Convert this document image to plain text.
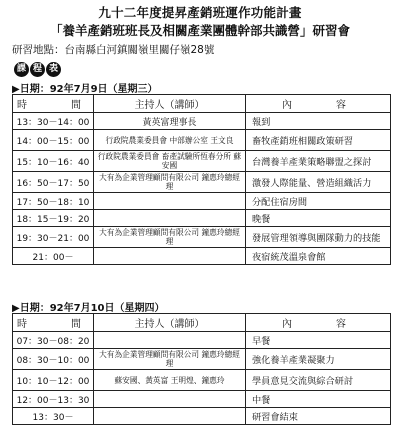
九十二年度提昇產銷班運作功能計畫
「養羊產銷班班長及相關產業團體幹部共識營」研習會
研習地點：台南縣白河鎮關嶺里關仔嶺28號
課 程 表
▶日期：92年7月9日（星期三）
時　　間	主持人（講師）	內　　容
13：30－14：00	黃英富理事長	報到
14：00－15：00	行政院農業委員會 中部辦公室 王文良	畜牧產銷班相關政策研習
15：10－16：40	行政院農業委員會 畜產試驗所恆春分所 蘇安國	台灣養羊產業策略聯盟之探討
16：50－17：50	大有為企業管理顧問有限公司 鐘惠玲總經理	激發人際能量、營造組織活力
17：50－18：10		分配住宿房間
18：15－19：20		晚餐
19：30－21：00	大有為企業管理顧問有限公司 鐘惠玲總經理	發展管理領導與團隊動力的技能
21：00－		夜宿統茂溫泉會館
▶日期：92年7月10日（星期四）
時　　間	主持人（講師）	內　　容
07：30－08：20		早餐
08：30－10：00	大有為企業管理顧問有限公司 鐘惠玲總經理	強化養羊產業凝聚力
10：10－12：00	蘇安國、黃英富 王明煌、鐘惠玲	學員意見交流與綜合研討
12：00－13：30		中餐
13：30－		研習會結束
